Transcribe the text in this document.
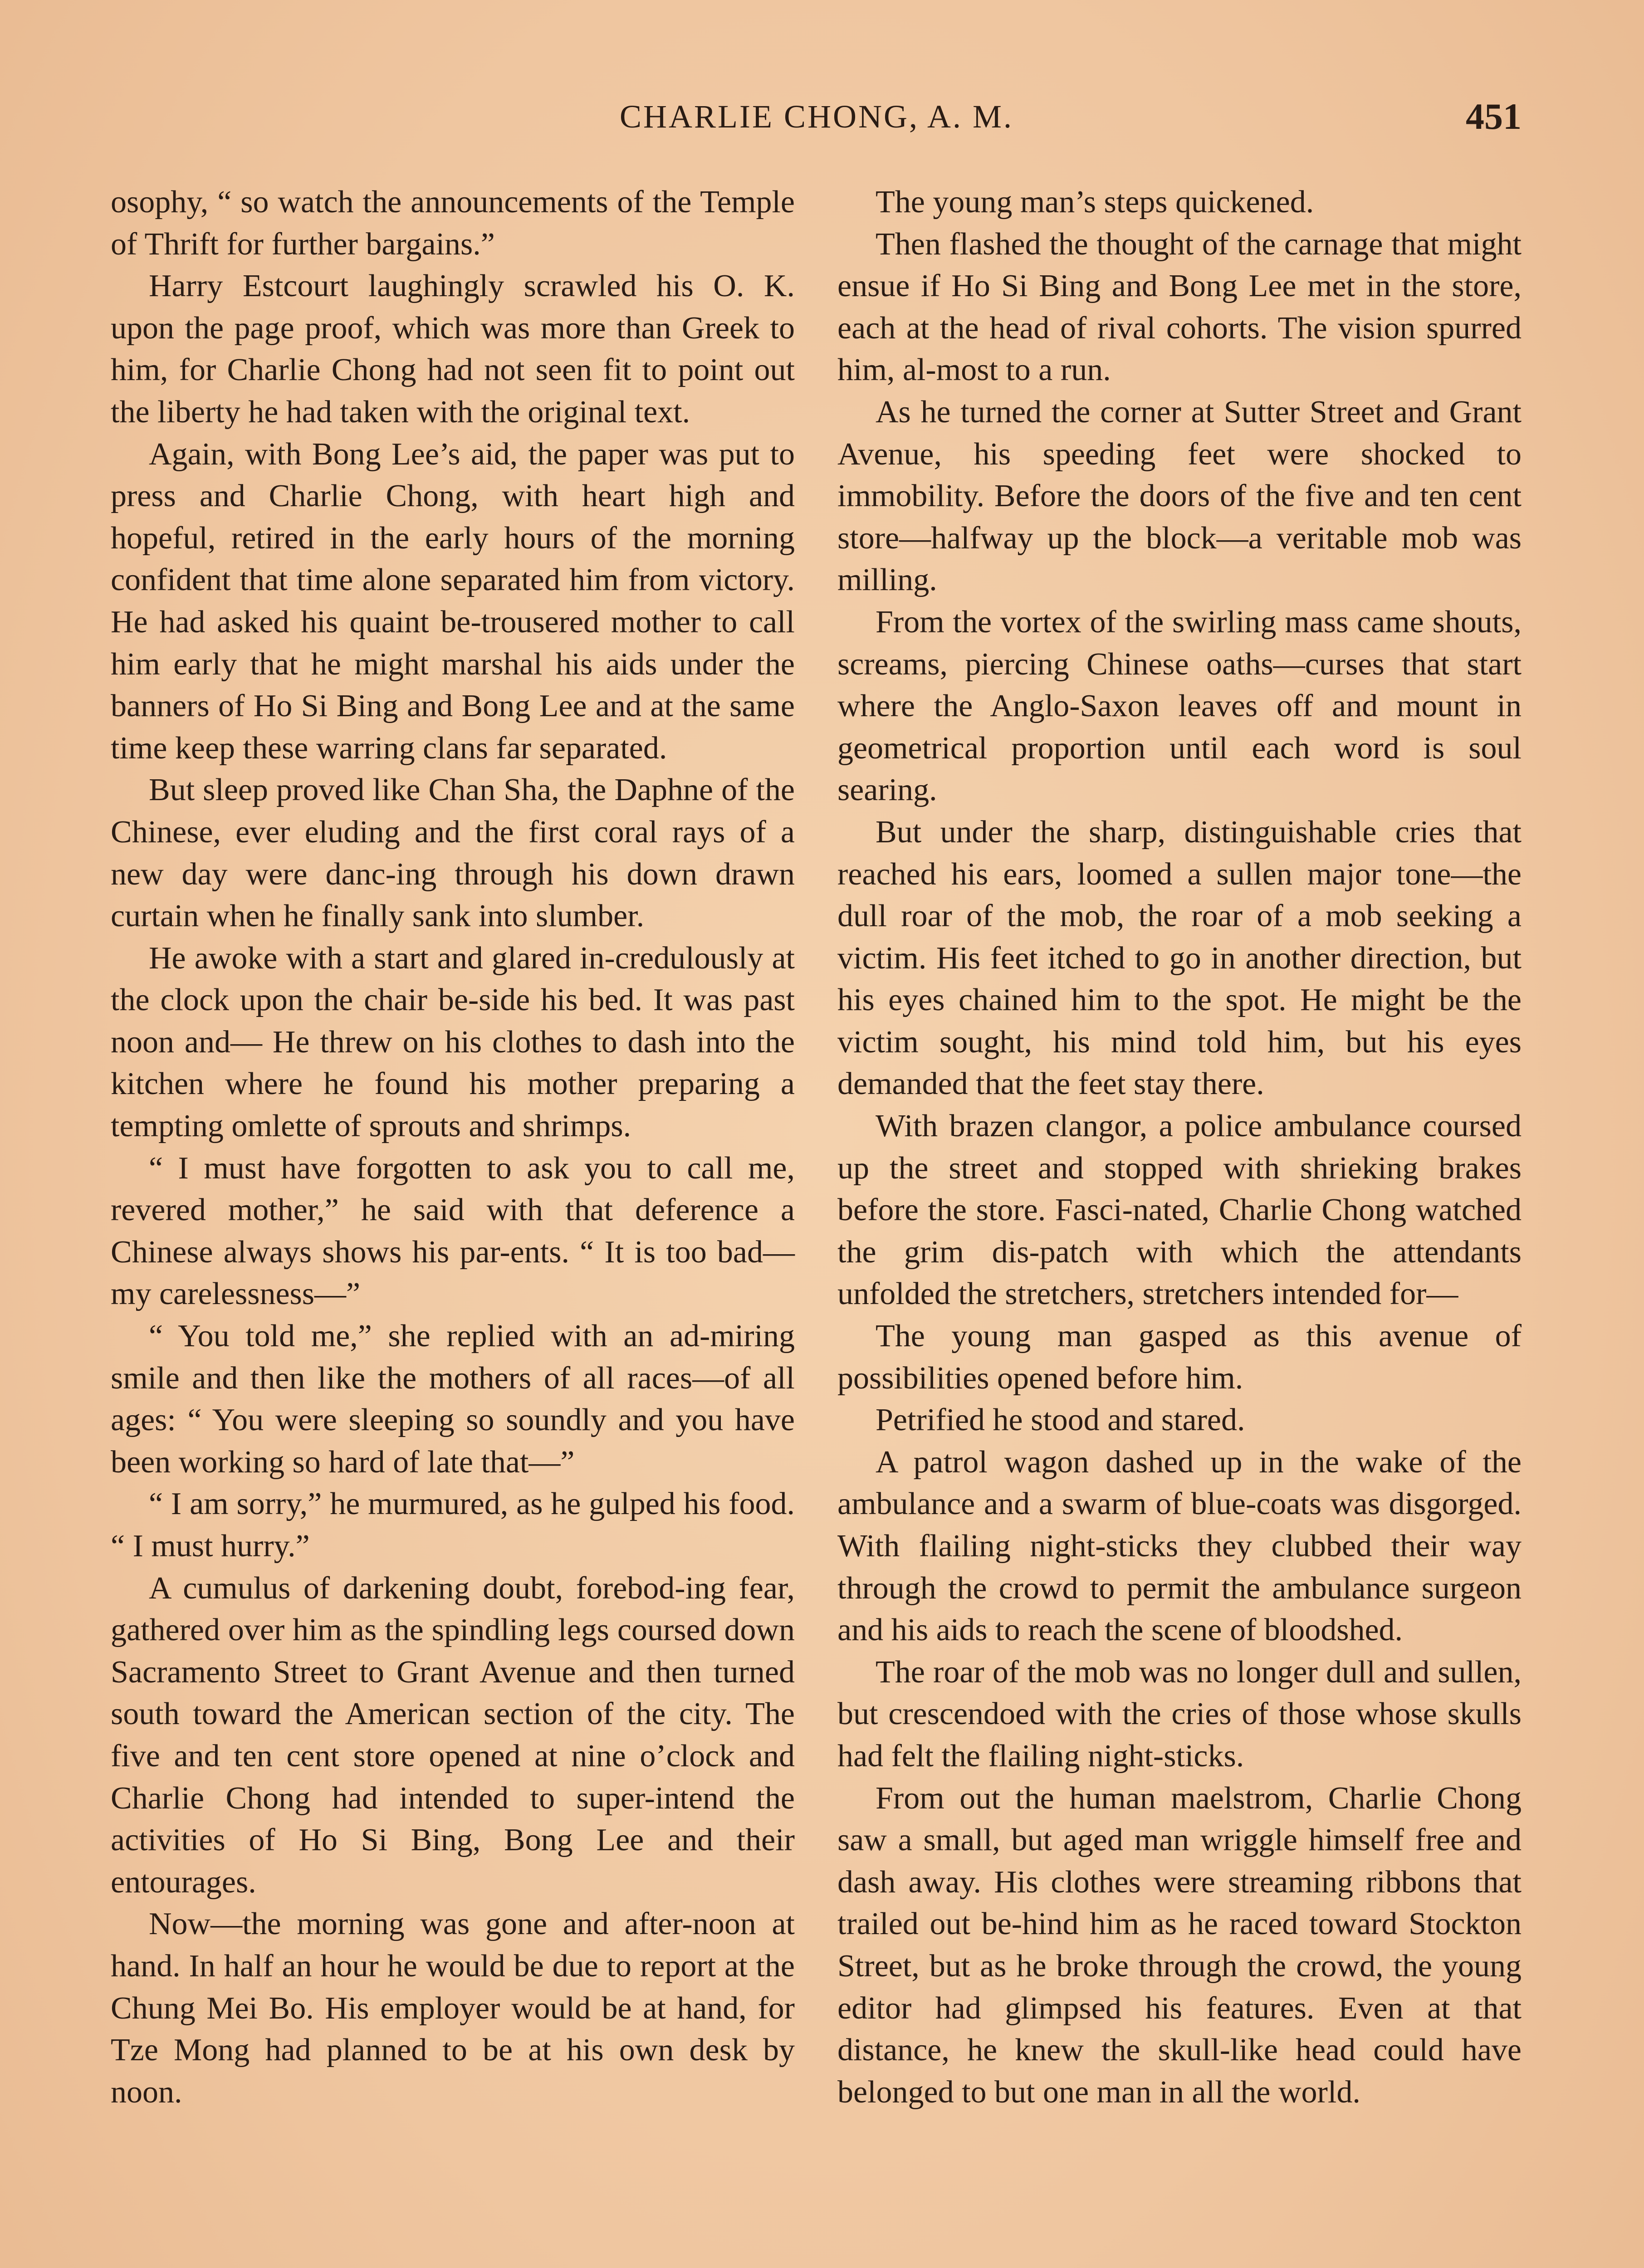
CHARLIE CHONG, A. M.	451

osophy, “ so watch the announcements of the Temple of Thrift for further bargains.”

Harry Estcourt laughingly scrawled his O. K. upon the page proof, which was more than Greek to him, for Charlie Chong had not seen fit to point out the liberty he had taken with the original text.

Again, with Bong Lee’s aid, the paper was put to press and Charlie Chong, with heart high and hopeful, retired in the early hours of the morning confident that time alone separated him from victory. He had asked his quaint be-trousered mother to call him early that he might marshal his aids under the banners of Ho Si Bing and Bong Lee and at the same time keep these warring clans far separated.

But sleep proved like Chan Sha, the Daphne of the Chinese, ever eluding and the first coral rays of a new day were danc-ing through his down drawn curtain when he finally sank into slumber.

He awoke with a start and glared in-credulously at the clock upon the chair be-side his bed. It was past noon and— He threw on his clothes to dash into the kitchen where he found his mother preparing a tempting omlette of sprouts and shrimps.

“ I must have forgotten to ask you to call me, revered mother,” he said with that deference a Chinese always shows his par-ents. “ It is too bad—my carelessness—”

“ You told me,” she replied with an ad-miring smile and then like the mothers of all races—of all ages: “ You were sleeping so soundly and you have been working so hard of late that—”

“ I am sorry,” he murmured, as he gulped his food. “ I must hurry.”

A cumulus of darkening doubt, forebod-ing fear, gathered over him as the spindling legs coursed down Sacramento Street to Grant Avenue and then turned south toward the American section of the city. The five and ten cent store opened at nine o’clock and Charlie Chong had intended to super-intend the activities of Ho Si Bing, Bong Lee and their entourages.

Now—the morning was gone and after-noon at hand. In half an hour he would be due to report at the Chung Mei Bo. His employer would be at hand, for Tze Mong had planned to be at his own desk by noon.

The young man’s steps quickened.

Then flashed the thought of the carnage that might ensue if Ho Si Bing and Bong Lee met in the store, each at the head of rival cohorts. The vision spurred him, al-most to a run.

As he turned the corner at Sutter Street and Grant Avenue, his speeding feet were shocked to immobility. Before the doors of the five and ten cent store—halfway up the block—a veritable mob was milling.

From the vortex of the swirling mass came shouts, screams, piercing Chinese oaths—curses that start where the Anglo-Saxon leaves off and mount in geometrical proportion until each word is soul searing.

But under the sharp, distinguishable cries that reached his ears, loomed a sullen major tone—the dull roar of the mob, the roar of a mob seeking a victim. His feet itched to go in another direction, but his eyes chained him to the spot. He might be the victim sought, his mind told him, but his eyes demanded that the feet stay there.

With brazen clangor, a police ambulance coursed up the street and stopped with shrieking brakes before the store. Fasci-nated, Charlie Chong watched the grim dis-patch with which the attendants unfolded the stretchers, stretchers intended for—

The young man gasped as this avenue of possibilities opened before him.

Petrified he stood and stared.

A patrol wagon dashed up in the wake of the ambulance and a swarm of blue-coats was disgorged. With flailing night-sticks they clubbed their way through the crowd to permit the ambulance surgeon and his aids to reach the scene of bloodshed.

The roar of the mob was no longer dull and sullen, but crescendoed with the cries of those whose skulls had felt the flailing night-sticks.

From out the human maelstrom, Charlie Chong saw a small, but aged man wriggle himself free and dash away. His clothes were streaming ribbons that trailed out be-hind him as he raced toward Stockton Street, but as he broke through the crowd, the young editor had glimpsed his features. Even at that distance, he knew the skull-like head could have belonged to but one man in all the world.
